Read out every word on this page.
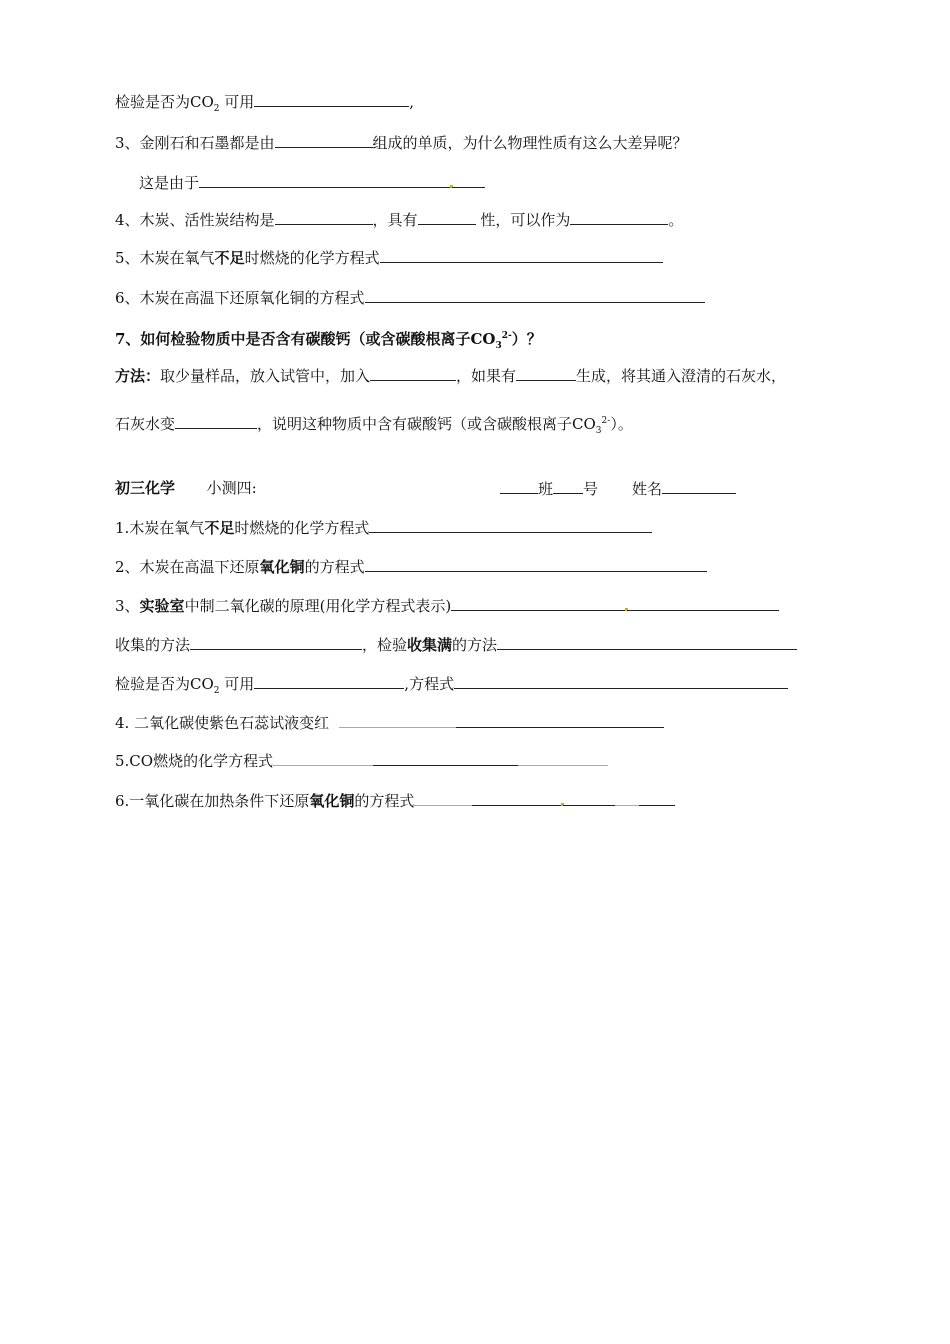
检验是否为$CO_2$ 可用	,
3、金刚石和石墨都是由	组成的单质，为什么物理性质有这么大差异呢？
这是由于
4、木炭、活性炭结构是	，具有	性，可以作为	。
5、木炭在氧气不足时燃烧的化学方程式
6、木炭在高温下还原氧化铜的方程式
7、如何检验物质中是否含有碳酸钙（或含碳酸根离子$CO_3^{2-}$）？
方法：取少量样品，放入试管中，加入	，如果有	生成，将其通入澄清的石灰水，
石灰水变	，说明这种物质中含有碳酸钙（或含碳酸根离子$CO_3^{2-}$）。
初三化学 小测四:	班 号 姓名
1.木炭在氧气不足时燃烧的化学方程式
2、木炭在高温下还原氧化铜的方程式
3、实验室中制二氧化碳的原理(用化学方程式表示)
收集的方法	，检验收集满的方法
检验是否为$CO_2$ 可用	,方程式
4. 二氧化碳使紫色石蕊试液变红
5.CO燃烧的化学方程式
6.一氧化碳在加热条件下还原氧化铜的方程式
